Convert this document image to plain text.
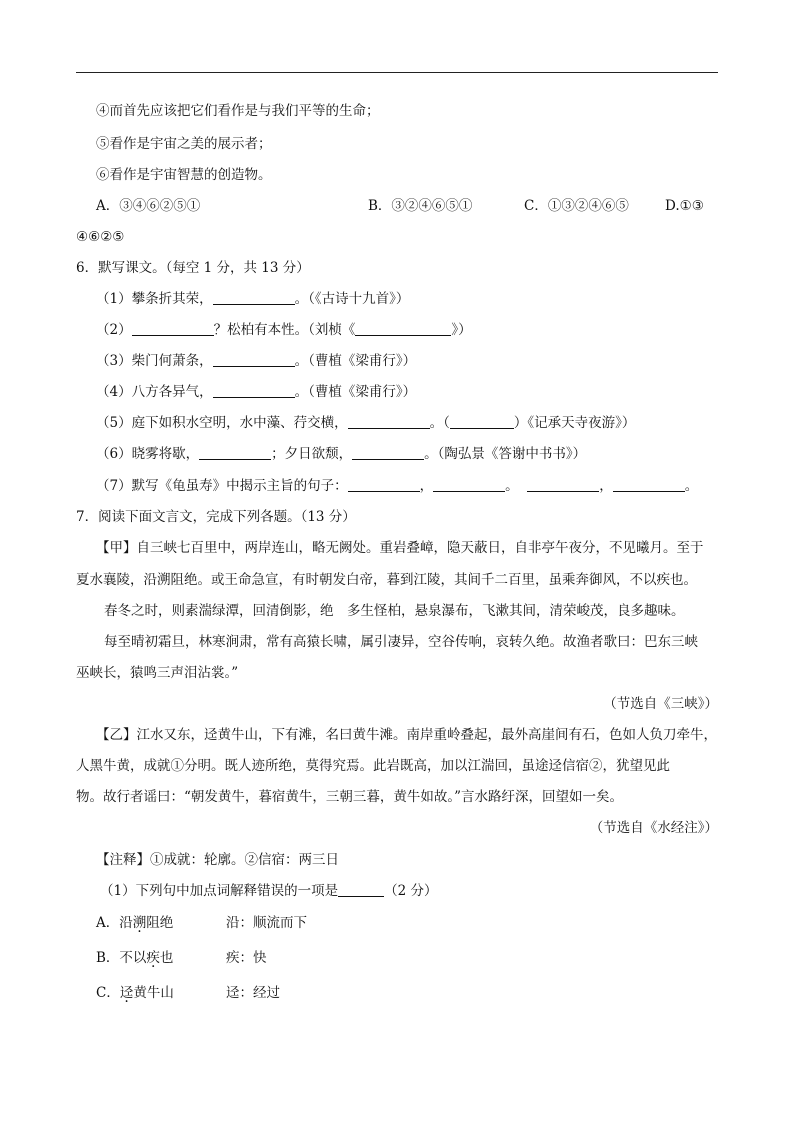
④而首先应该把它们看作是与我们平等的生命；
⑤看作是宇宙之美的展示者；
⑥看作是宇宙智慧的创造物。
A．③④⑥②⑤①	B．③②④⑥⑤①	C．①③②④⑥⑤	D.①③
④⑥②⑤
6．默写课文。（每空 1 分，共 13 分）
（1）攀条折其荣，	。（《古诗十九首》）
（2）	？松柏有本性。（刘桢《	》）
（3）柴门何萧条，	。（曹植《梁甫行》）
（4）八方各异气，	。（曹植《梁甫行》）
（5）庭下如积水空明，水中藻、荇交横，	。（	）《记承天寺夜游》）
（6）晓雾将歇，	；夕日欲颓，	。（陶弘景《答谢中书书》）
（7）默写《龟虽寿》中揭示主旨的句子：	，	。	，	。
7．阅读下面文言文，完成下列各题。（13 分）
【甲】自三峡七百里中，两岸连山，略无阙处。重岩叠嶂，隐天蔽日，自非亭午夜分，不见曦月。至于
夏水襄陵，沿溯阻绝。或王命急宣，有时朝发白帝，暮到江陵，其间千二百里，虽乘奔御风，不以疾也。
春冬之时，则素湍绿潭，回清倒影，绝　多生怪柏，悬泉瀑布，飞漱其间，清荣峻茂，良多趣味。
每至晴初霜旦，林寒涧肃，常有高猿长啸，属引凄异，空谷传响，哀转久绝。故渔者歌曰：巴东三峡
巫峡长，猿鸣三声泪沾裳。”
（节选自《三峡》）
【乙】江水又东，迳黄牛山，下有滩，名曰黄牛滩。南岸重岭叠起，最外高崖间有石，色如人负刀牵牛，
人黑牛黄，成就①分明。既人迹所绝，莫得究焉。此岩既高，加以江湍回，虽途迳信宿②，犹望见此
物。故行者谣曰：“朝发黄牛，暮宿黄牛，三朝三暮，黄牛如故。”言水路纡深，回望如一矣。
（节选自《水经注》）
【注释】①成就：轮廓。②信宿：两三日
（1）下列句中加点词解释错误的一项是	（2 分）
A．沿溯阻绝	沿：顺流而下
B．不以疾也	疾：快
C．迳黄牛山	迳：经过
